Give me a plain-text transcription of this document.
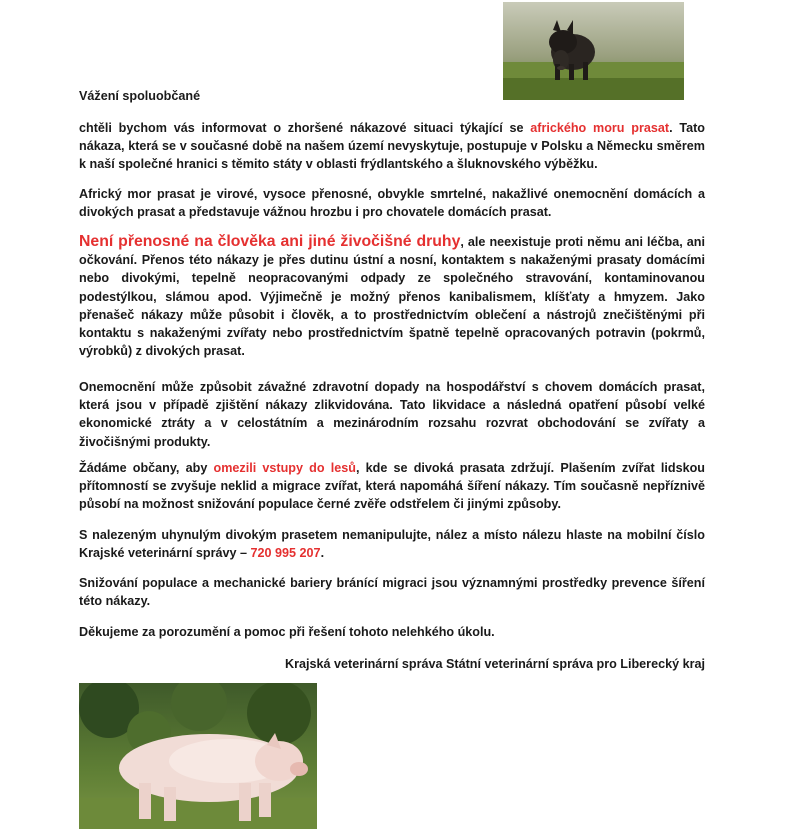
Vážení spoluobčané

chtěli bychom vás informovat o zhoršené nákazové situaci týkající se afrického moru prasat. Tato nákaza, která se v současné době na našem území nevyskytuje, postupuje v Polsku a Německu směrem k naší společné hranici s těmito státy v oblasti frýdlantského a šluknovského výběžku.

Africký mor prasat je virové, vysoce přenosné, obvykle smrtelné, nakažlivé onemocnění domácích a divokých prasat a představuje vážnou hrozbu i pro chovatele domácích prasat.

Není přenosné na člověka ani jiné živočišné druhy, ale neexistuje proti němu ani léčba, ani očkování. Přenos této nákazy je přes dutinu ústní a nosní, kontaktem s nakaženými prasaty domácími nebo divokými, tepelně neopracovanými odpady ze společného stravování, kontaminovanou podestýlkou, slámou apod. Výjimečně je možný přenos kanibalismem, klíšťaty a hmyzem. Jako přenašeč nákazy může působit i člověk, a to prostřednictvím oblečení a nástrojů znečištěnými při kontaktu s nakaženými zvířaty nebo prostřednictvím špatně tepelně opracovaných potravin (pokrmů, výrobků) z divokých prasat.

Onemocnění může způsobit závažné zdravotní dopady na hospodářství s chovem domácích prasat, která jsou v případě zjištění nákazy zlikvidována. Tato likvidace a následná opatření působí velké ekonomické ztráty a v celostátním a mezinárodním rozsahu rozvrat obchodování se zvířaty a živočišnými produkty.

Žádáme občany, aby omezili vstupy do lesů, kde se divoká prasata zdržují. Plašením zvířat lidskou přítomností se zvyšuje neklid a migrace zvířat, která napomáhá šíření nákazy. Tím současně nepříznivě působí na možnost snižování populace černé zvěře odstřelem či jinými způsoby.

S nalezeným uhynulým divokým prasetem nemanipulujte, nález a místo nálezu hlaste na mobilní číslo Krajské veterinární správy – 720 995 207.

Snižování populace a mechanické bariery bránící migraci jsou významnými prostředky prevence šíření této nákazy.

Děkujeme za porozumění a pomoc při řešení tohoto nelehkého úkolu.

Krajská veterinární správa Státní veterinární správa pro Liberecký kraj
